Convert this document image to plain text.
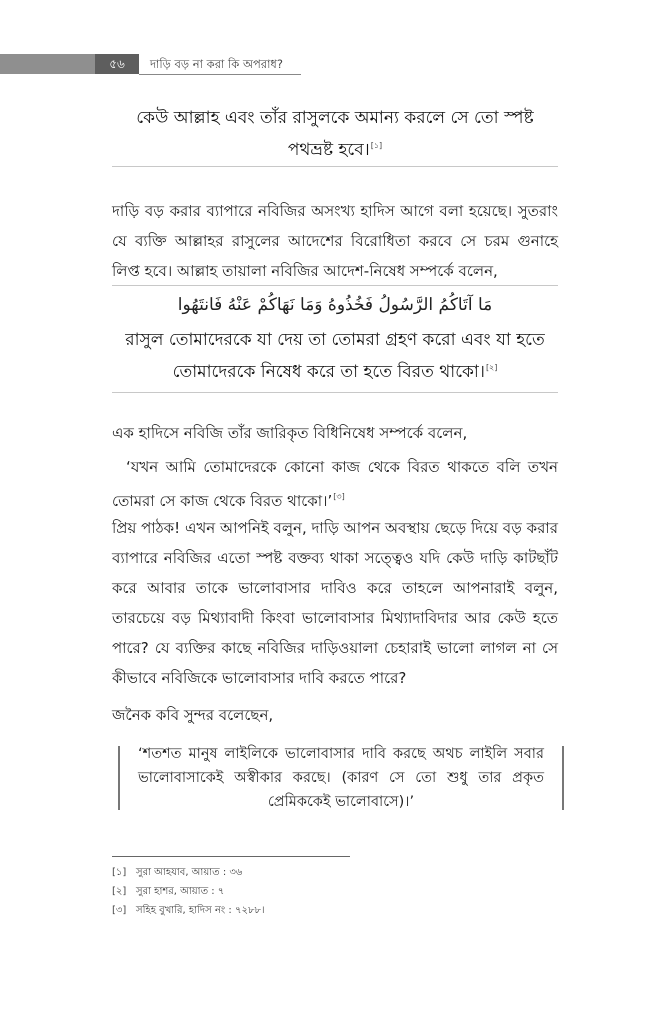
৫৬	দাড়ি বড় না করা কি অপরাধ?
কেউ আল্লাহ এবং তাঁর রাসুলকে অমান্য করলে সে তো স্পষ্ট পথভ্রষ্ট হবে।[১]
দাড়ি বড় করার ব্যাপারে নবিজির অসংখ্য হাদিস আগে বলা হয়েছে। সুতরাং যে ব্যক্তি আল্লাহর রাসুলের আদেশের বিরোধিতা করবে সে চরম গুনাহে লিপ্ত হবে। আল্লাহ তায়ালা নবিজির আদেশ-নিষেধ সম্পর্কে বলেন,
مَا آتَاكُمُ الرَّسُولُ فَخُذُوهُ وَمَا نَهَاكُمْ عَنْهُ فَانتَهُوا
রাসুল তোমাদেরকে যা দেয় তা তোমরা গ্রহণ করো এবং যা হতে তোমাদেরকে নিষেধ করে তা হতে বিরত থাকো।[২]
এক হাদিসে নবিজি তাঁর জারিকৃত বিধিনিষেধ সম্পর্কে বলেন,
‘যখন আমি তোমাদেরকে কোনো কাজ থেকে বিরত থাকতে বলি তখন তোমরা সে কাজ থেকে বিরত থাকো।’[৩]
প্রিয় পাঠক! এখন আপনিই বলুন, দাড়ি আপন অবস্থায় ছেড়ে দিয়ে বড় করার ব্যাপারে নবিজির এতো স্পষ্ট বক্তব্য থাকা সত্ত্বেও যদি কেউ দাড়ি কাটছাঁট করে আবার তাকে ভালোবাসার দাবিও করে তাহলে আপনারাই বলুন, তারচেয়ে বড় মিথ্যাবাদী কিংবা ভালোবাসার মিথ্যাদাবিদার আর কেউ হতে পারে? যে ব্যক্তির কাছে নবিজির দাড়িওয়ালা চেহারাই ভালো লাগল না সে কীভাবে নবিজিকে ভালোবাসার দাবি করতে পারে?
জনৈক কবি সুন্দর বলেছেন,
‘শতশত মানুষ লাইলিকে ভালোবাসার দাবি করছে অথচ লাইলি সবার ভালোবাসাকেই অস্বীকার করছে। (কারণ সে তো শুধু তার প্রকৃত প্রেমিককেই ভালোবাসে)।’
[১] সুরা আহযাব, আয়াত : ৩৬
[২] সুরা হাশর, আয়াত : ৭
[৩] সহিহ বুখারি, হাদিস নং : ৭২৮৮।
